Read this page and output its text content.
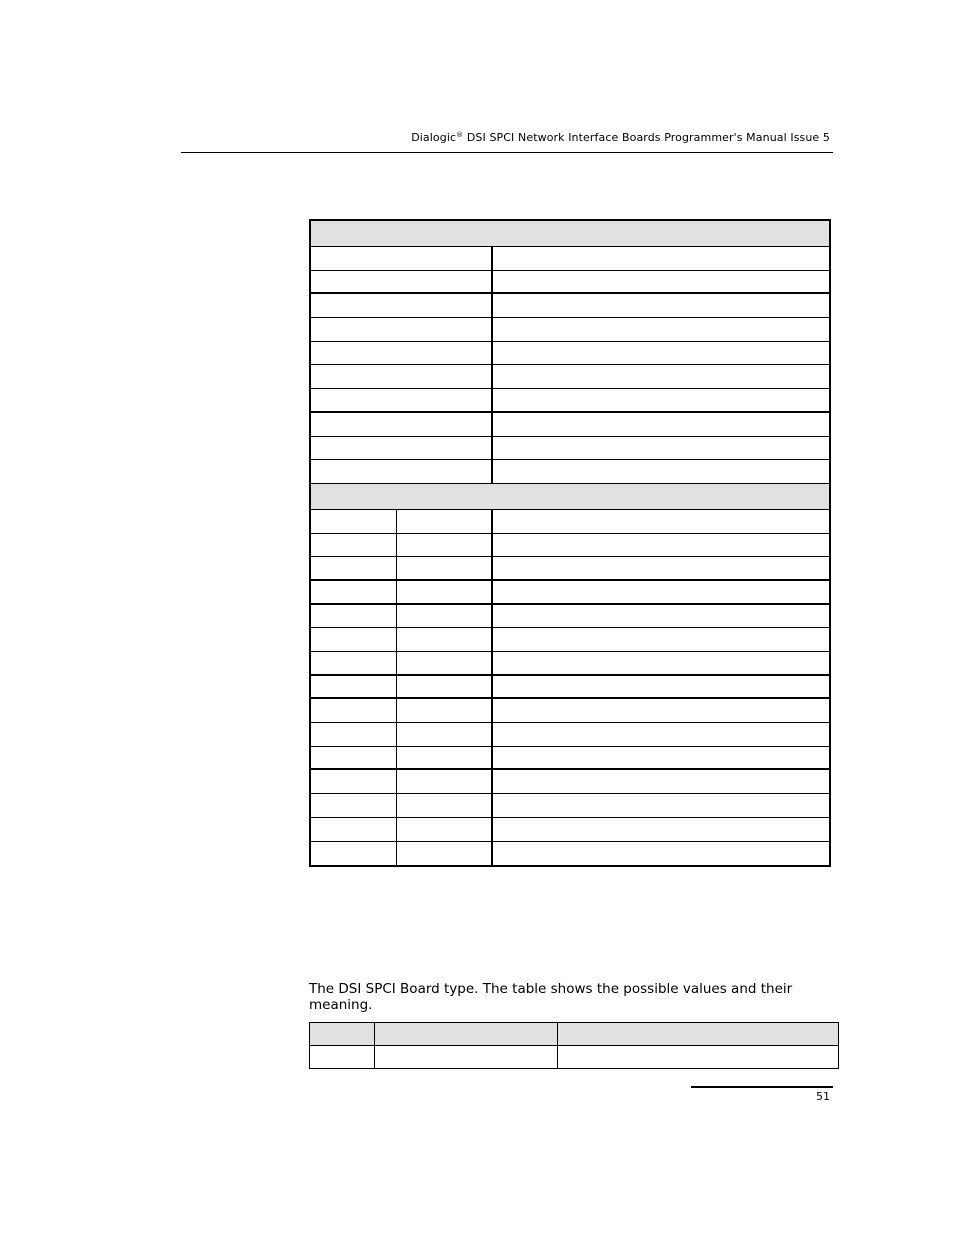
Dialogic® DSI SPCI Network Interface Boards Programmer's Manual Issue 5
The DSI SPCI Board type. The table shows the possible values and their meaning.
51
